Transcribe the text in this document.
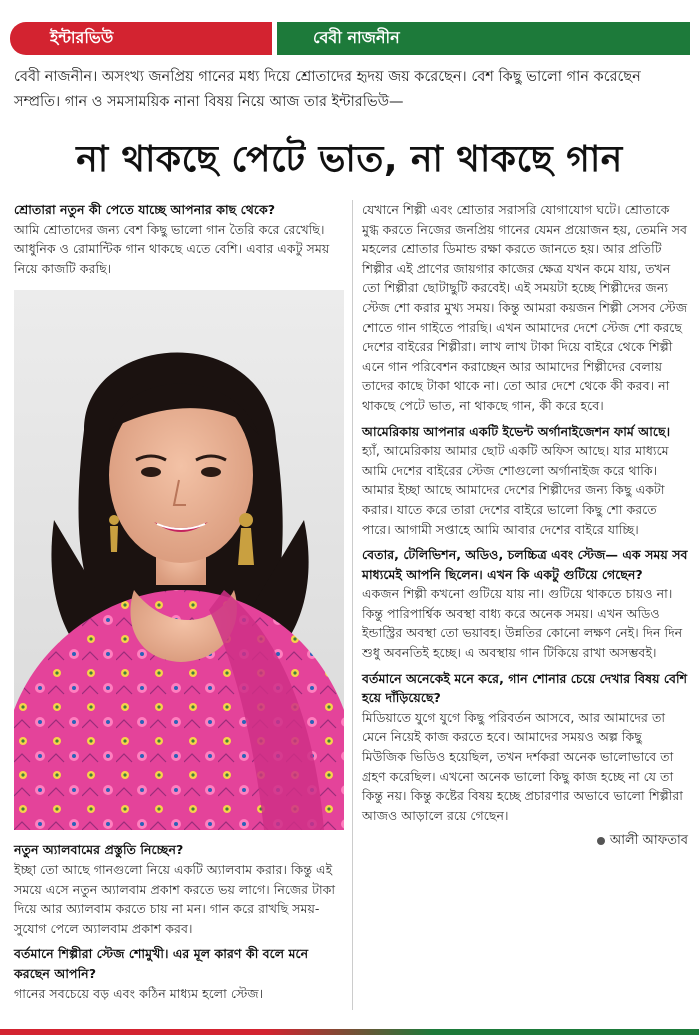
ইন্টারভিউ	বেবী নাজনীন

বেবী নাজনীন। অসংখ্য জনপ্রিয় গানের মধ্য দিয়ে শ্রোতাদের হৃদয় জয় করেছেন। বেশ কিছু ভালো গান করেছেন সম্প্রতি। গান ও সমসাময়িক নানা বিষয় নিয়ে আজ তার ইন্টারভিউ—

না থাকছে পেটে ভাত, না থাকছে গান
শ্রোতারা নতুন কী পেতে যাচ্ছে আপনার কাছ থেকে?
আমি শ্রোতাদের জন্য বেশ কিছু ভালো গান তৈরি করে রেখেছি। আধুনিক ও রোমান্টিক গান থাকছে এতে বেশি। এবার একটু সময় নিয়ে কাজটি করছি।
নতুন অ্যালবামের প্রস্তুতি নিচ্ছেন?
ইচ্ছা তো আছে গানগুলো নিয়ে একটি অ্যালবাম করার। কিন্তু এই সময়ে এসে নতুন অ্যালবাম প্রকাশ করতে ভয় লাগে। নিজের টাকা দিয়ে আর অ্যালবাম করতে চায় না মন। গান করে রাখছি সময়-সুযোগ পেলে অ্যালবাম প্রকাশ করব।
বর্তমানে শিল্পীরা স্টেজ শোমুখী। এর মূল কারণ কী বলে মনে করছেন আপনি?
গানের সবচেয়ে বড় এবং কঠিন মাধ্যম হলো স্টেজ।
যেখানে শিল্পী এবং শ্রোতার সরাসরি যোগাযোগ ঘটে। শ্রোতাকে মুগ্ধ করতে নিজের জনপ্রিয় গানের যেমন প্রয়োজন হয়, তেমনি সব মহলের শ্রোতার ডিমান্ড রক্ষা করতে জানতে হয়। আর প্রতিটি শিল্পীর এই প্রাণের জায়গার কাজের ক্ষেত্র যখন কমে যায়, তখন তো শিল্পীরা ছোটাছুটি করবেই। এই সময়টা হচ্ছে শিল্পীদের জন্য স্টেজ শো করার মুখ্য সময়। কিন্তু আমরা কয়জন শিল্পী সেসব স্টেজ শোতে গান গাইতে পারছি। এখন আমাদের দেশে স্টেজ শো করছে দেশের বাইরের শিল্পীরা। লাখ লাখ টাকা দিয়ে বাইরে থেকে শিল্পী এনে গান পরিবেশন করাচ্ছেন আর আমাদের শিল্পীদের বেলায় তাদের কাছে টাকা থাকে না। তো আর দেশে থেকে কী করব। না থাকছে পেটে ভাত, না থাকছে গান, কী করে হবে।
আমেরিকায় আপনার একটি ইভেন্ট অর্গানাইজেশন ফার্ম আছে।
হ্যাঁ, আমেরিকায় আমার ছোট একটি অফিস আছে। যার মাধ্যমে আমি দেশের বাইরের স্টেজ শোগুলো অর্গানাইজ করে থাকি। আমার ইচ্ছা আছে আমাদের দেশের শিল্পীদের জন্য কিছু একটা করার। যাতে করে তারা দেশের বাইরে ভালো কিছু শো করতে পারে। আগামী সপ্তাহে আমি আবার দেশের বাইরে যাচ্ছি।
বেতার, টেলিভিশন, অডিও, চলচ্চিত্র এবং স্টেজ— এক সময় সব মাধ্যমেই আপনি ছিলেন। এখন কি একটু গুটিয়ে গেছেন?
একজন শিল্পী কখনো গুটিয়ে যায় না। গুটিয়ে থাকতে চায়ও না। কিন্তু পারিপার্শ্বিক অবস্থা বাধ্য করে অনেক সময়। এখন অডিও ইন্ডাস্ট্রির অবস্থা তো ভয়াবহ। উন্নতির কোনো লক্ষণ নেই। দিন দিন শুধু অবনতিই হচ্ছে। এ অবস্থায় গান টিকিয়ে রাখা অসম্ভবই।
বর্তমানে অনেকেই মনে করে, গান শোনার চেয়ে দেখার বিষয় বেশি হয়ে দাঁড়িয়েছে?
মিডিয়াতে যুগে যুগে কিছু পরিবর্তন আসবে, আর আমাদের তা মেনে নিয়েই কাজ করতে হবে। আমাদের সময়ও অল্প কিছু মিউজিক ভিডিও হয়েছিল, তখন দর্শকরা অনেক ভালোভাবে তা গ্রহণ করেছিল। এখনো অনেক ভালো কিছু কাজ হচ্ছে না যে তা কিন্তু নয়। কিন্তু কষ্টের বিষয় হচ্ছে প্রচারণার অভাবে ভালো শিল্পীরা আজও আড়ালে রয়ে গেছেন।
আলী আফতাব
